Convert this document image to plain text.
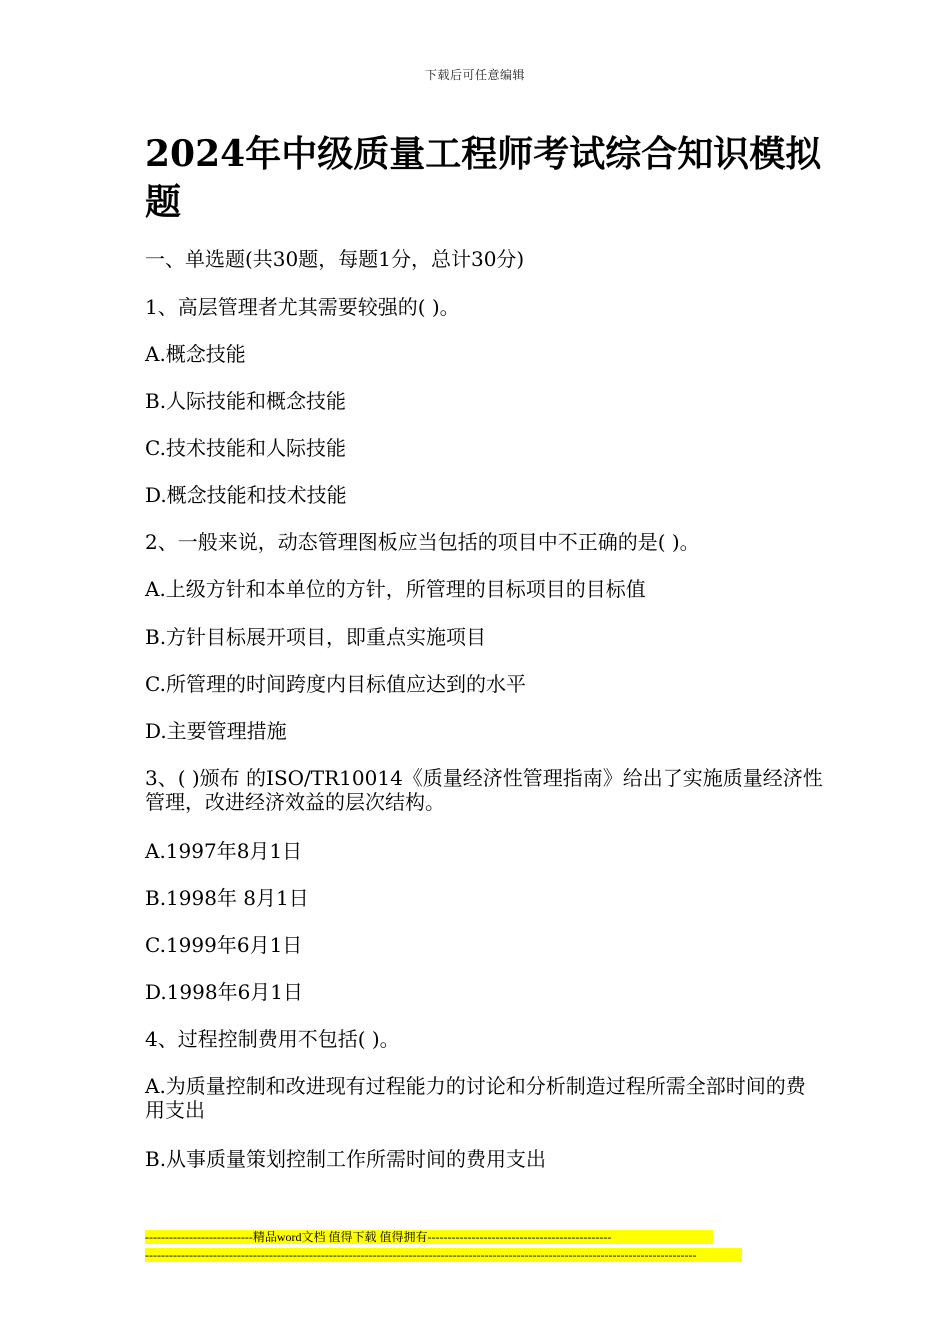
下载后可任意编辑
2024年中级质量工程师考试综合知识模拟题

一、单选题(共30题，每题1分，总计30分)

1、高层管理者尤其需要较强的( )。

A.概念技能

B.人际技能和概念技能

C.技术技能和人际技能

D.概念技能和技术技能

2、一般来说，动态管理图板应当包括的项目中不正确的是( )。

A.上级方针和本单位的方针，所管理的目标项目的目标值

B.方针目标展开项目，即重点实施项目

C.所管理的时间跨度内目标值应达到的水平

D.主要管理措施

3、( )颁布 的ISO/TR10014《质量经济性管理指南》给出了实施质量经济性管理，改进经济效益的层次结构。

A.1997年8月1日

B.1998年 8月1日

C.1999年6月1日

D.1998年6月1日

4、过程控制费用不包括( )。

A.为质量控制和改进现有过程能力的讨论和分析制造过程所需全部时间的费用支出

B.从事质量策划控制工作所需时间的费用支出

---------------------------精品word文档 值得下载 值得拥有----------------------------------------------
------------------------------------------------------------------------------------------------------------------------------------------
